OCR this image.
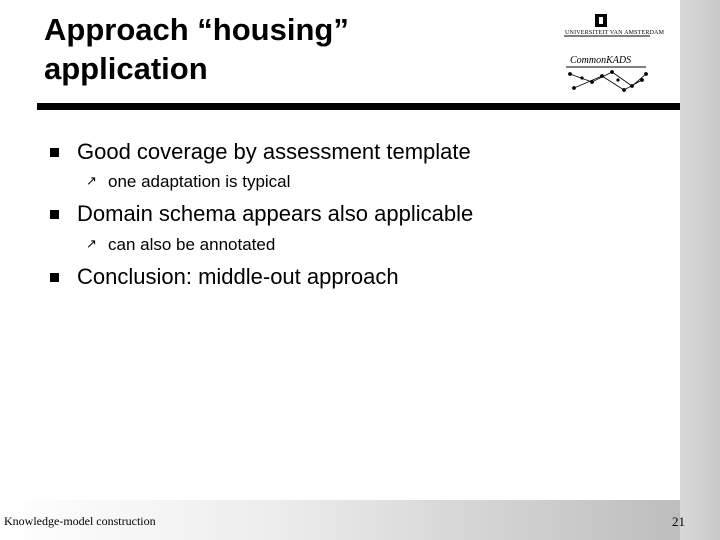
Approach “housing”
application
UNIVERSITEIT VAN AMSTERDAM
CommonKADS
Good coverage by assessment template
↗ one adaptation is typical
Domain schema appears also applicable
↗ can also be annotated
Conclusion: middle-out approach
Knowledge-model construction	21
